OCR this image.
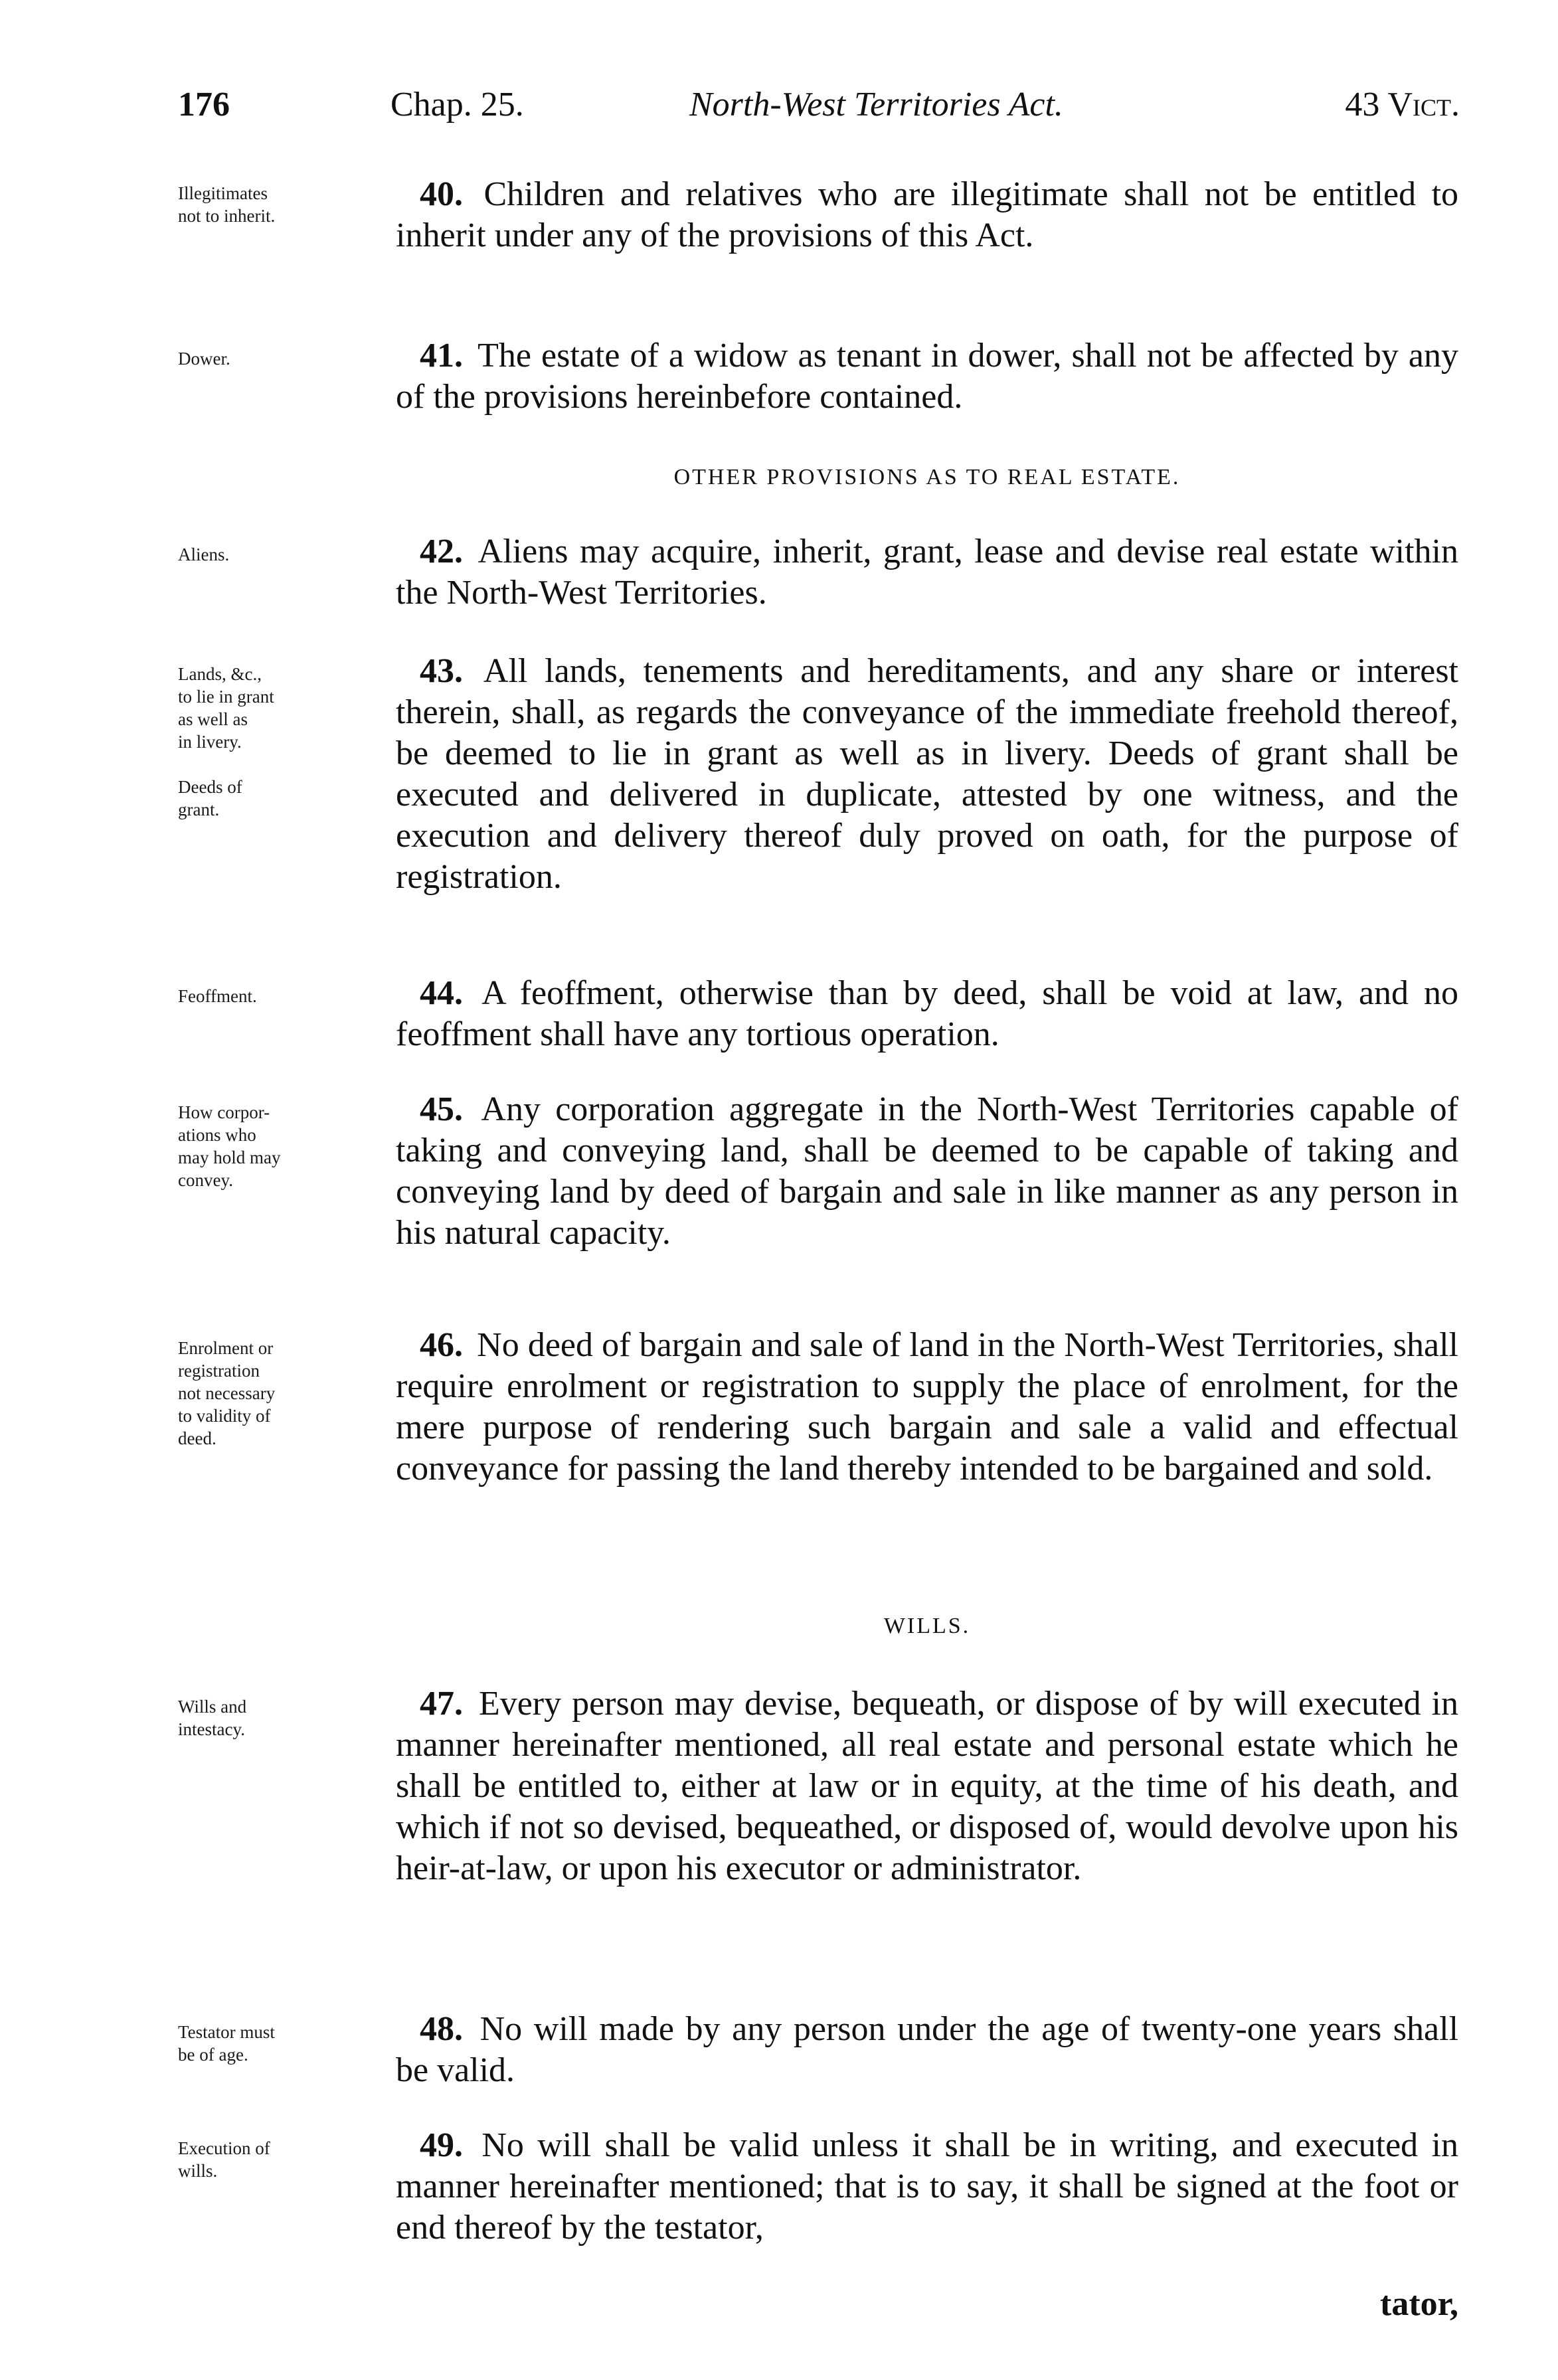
176	Chap. 25.	North-West Territories Act.	43 Vict.
Illegitimates
not to inherit.
40. Children and relatives who are illegitimate shall not be entitled to inherit under any of the provisions of this Act.
Dower.	41. The estate of a widow as tenant in dower, shall not be affected by any of the provisions hereinbefore contained.
OTHER PROVISIONS AS TO REAL ESTATE.
Aliens.	42. Aliens may acquire, inherit, grant, lease and devise real estate within the North-West Territories.
Lands, &c.,
to lie in grant
as well as
in livery.

Deeds of
grant.
43. All lands, tenements and hereditaments, and any share or interest therein, shall, as regards the conveyance of the immediate freehold thereof, be deemed to lie in grant as well as in livery. Deeds of grant shall be executed and delivered in duplicate, attested by one witness, and the execution and delivery thereof duly proved on oath, for the purpose of registration.
Feoffment.	44. A feoffment, otherwise than by deed, shall be void at law, and no feoffment shall have any tortious operation.
How corpor-
ations who
may hold may
convey.
45. Any corporation aggregate in the North-West Territories capable of taking and conveying land, shall be deemed to be capable of taking and conveying land by deed of bargain and sale in like manner as any person in his natural capacity.
Enrolment or
registration
not necessary
to validity of
deed.
46. No deed of bargain and sale of land in the North-West Territories, shall require enrolment or registration to supply the place of enrolment, for the mere purpose of rendering such bargain and sale a valid and effectual conveyance for passing the land thereby intended to be bargained and sold.
WILLS.
Wills and
intestacy.
47. Every person may devise, bequeath, or dispose of by will executed in manner hereinafter mentioned, all real estate and personal estate which he shall be entitled to, either at law or in equity, at the time of his death, and which if not so devised, bequeathed, or disposed of, would devolve upon his heir-at-law, or upon his executor or administrator.
Testator must
be of age.
48. No will made by any person under the age of twenty-one years shall be valid.
Execution of
wills.
49. No will shall be valid unless it shall be in writing, and executed in manner hereinafter mentioned; that is to say, it shall be signed at the foot or end thereof by the testator,
tator,
